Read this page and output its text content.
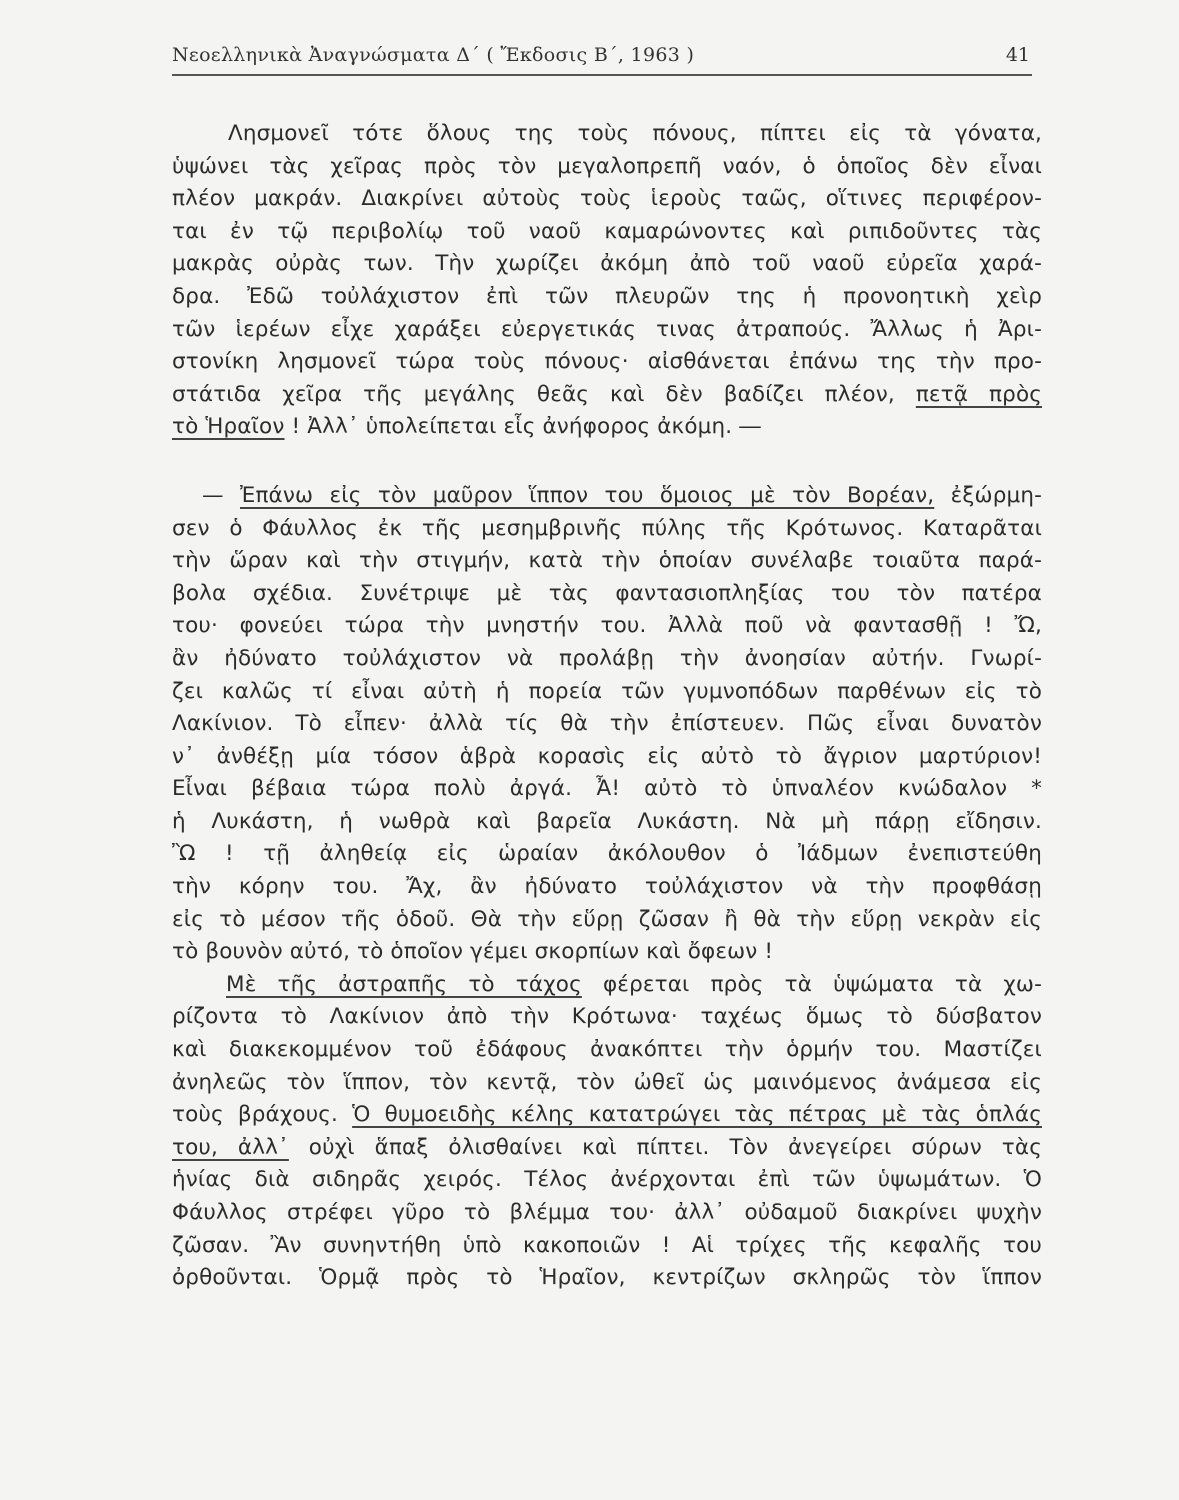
Νεοελληνικὰ Ἀναγνώσματα Δ΄ ( Ἔκδοσις Β΄, 1963 )	41
Λησμονεῖ τότε ὅλους της τοὺς πόνους, πίπτει εἰς τὰ γόνατα,
ὑψώνει τὰς χεῖρας πρὸς τὸν μεγαλοπρεπῆ ναόν, ὁ ὁποῖος δὲν εἶναι
πλέον μακράν. Διακρίνει αὐτοὺς τοὺς ἱεροὺς ταῶς, οἵτινες περιφέρον-
ται ἐν τῷ περιβολίῳ τοῦ ναοῦ καμαρώνοντες καὶ ριπιδοῦντες τὰς
μακρὰς οὐρὰς των. Τὴν χωρίζει ἀκόμη ἀπὸ τοῦ ναοῦ εὐρεῖα χαρά-
δρα. Ἐδῶ τοὐλάχιστον ἐπὶ τῶν πλευρῶν της ἡ προνοητικὴ χεὶρ
τῶν ἱερέων εἶχε χαράξει εὐεργετικάς τινας ἀτραπούς. Ἄλλως ἡ Ἀρι-
στονίκη λησμονεῖ τώρα τοὺς πόνους· αἰσθάνεται ἐπάνω της τὴν προ-
στάτιδα χεῖρα τῆς μεγάλης θεᾶς καὶ δὲν βαδίζει πλέον, πετᾷ πρὸς
τὸ Ἡραῖον ! Ἀλλ᾽ ὑπολείπεται εἷς ἀνήφορος ἀκόμη. ―
— Ἐπάνω εἰς τὸν μαῦρον ἵππον του ὅμοιος μὲ τὸν Βορέαν, ἐξώρμη-
σεν ὁ Φάυλλος ἐκ τῆς μεσημβρινῆς πύλης τῆς Κρότωνος. Καταρᾶται
τὴν ὥραν καὶ τὴν στιγμήν, κατὰ τὴν ὁποίαν συνέλαβε τοιαῦτα παρά-
βολα σχέδια. Συνέτριψε μὲ τὰς φαντασιοπληξίας του τὸν πατέρα
του· φονεύει τώρα τὴν μνηστήν του. Ἀλλὰ ποῦ νὰ φαντασθῇ ! Ὤ,
ἂν ἠδύνατο τοὐλάχιστον νὰ προλάβῃ τὴν ἀνοησίαν αὐτήν. Γνωρί-
ζει καλῶς τί εἶναι αὐτὴ ἡ πορεία τῶν γυμνοπόδων παρθένων εἰς τὸ
Λακίνιον. Τὸ εἶπεν· ἀλλὰ τίς θὰ τὴν ἐπίστευεν. Πῶς εἶναι δυνατὸν
ν᾽ ἀνθέξῃ μία τόσον ἁβρὰ κορασὶς εἰς αὐτὸ τὸ ἄγριον μαρτύριον!
Εἶναι βέβαια τώρα πολὺ ἀργά. Ἆ! αὐτὸ τὸ ὑπναλέον κνώδαλον *
ἡ Λυκάστη, ἡ νωθρὰ καὶ βαρεῖα Λυκάστη. Νὰ μὴ πάρῃ εἴδησιν.
Ὢ ! τῇ ἀληθείᾳ εἰς ὡραίαν ἀκόλουθον ὁ Ἰάδμων ἐνεπιστεύθη
τὴν κόρην του. Ἄχ, ἂν ἠδύνατο τοὐλάχιστον νὰ τὴν προφθάσῃ
εἰς τὸ μέσον τῆς ὁδοῦ. Θὰ τὴν εὕρῃ ζῶσαν ἢ θὰ τὴν εὕρῃ νεκρὰν εἰς
τὸ βουνὸν αὐτό, τὸ ὁποῖον γέμει σκορπίων καὶ ὄφεων !
Μὲ τῆς ἀστραπῆς τὸ τάχος φέρεται πρὸς τὰ ὑψώματα τὰ χω-
ρίζοντα τὸ Λακίνιον ἀπὸ τὴν Κρότωνα· ταχέως ὅμως τὸ δύσβατον
καὶ διακεκομμένον τοῦ ἐδάφους ἀνακόπτει τὴν ὁρμήν του. Μαστίζει
ἀνηλεῶς τὸν ἵππον, τὸν κεντᾷ, τὸν ὠθεῖ ὡς μαινόμενος ἀνάμεσα εἰς
τοὺς βράχους. Ὁ θυμοειδὴς κέλης κατατρώγει τὰς πέτρας μὲ τὰς ὁπλάς
του, ἀλλ᾽ οὐχὶ ἅπαξ ὀλισθαίνει καὶ πίπτει. Τὸν ἀνεγείρει σύρων τὰς
ἡνίας διὰ σιδηρᾶς χειρός. Τέλος ἀνέρχονται ἐπὶ τῶν ὑψωμάτων. Ὁ
Φάυλλος στρέφει γῦρο τὸ βλέμμα του· ἀλλ᾽ οὐδαμοῦ διακρίνει ψυχὴν
ζῶσαν. Ἂν συνηντήθη ὑπὸ κακοποιῶν ! Αἱ τρίχες τῆς κεφαλῆς του
ὀρθοῦνται. Ὁρμᾷ πρὸς τὸ Ἡραῖον, κεντρίζων σκληρῶς τὸν ἵππον
